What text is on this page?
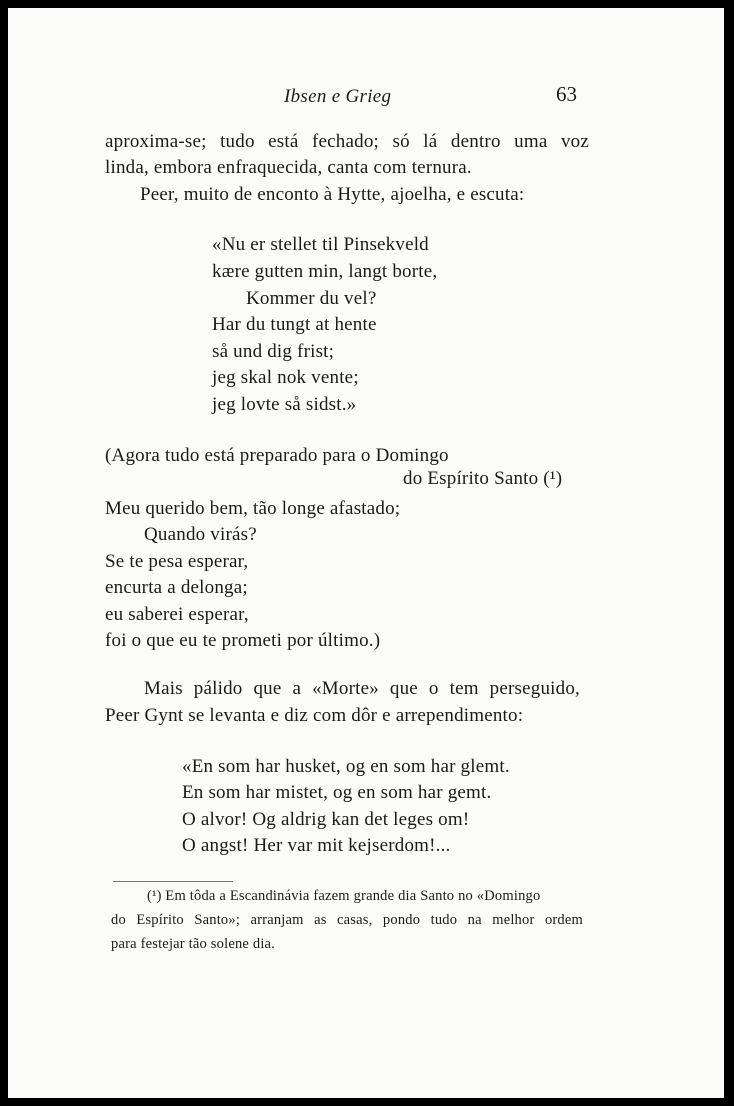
Ibsen e Grieg	63
aproxima-se; tudo está fechado; só lá dentro uma voz
linda, embora enfraquecida, canta com ternura.
Peer, muito de enconto à Hytte, ajoelha, e escuta:
«Nu er stellet til Pinsekveld
kære gutten min, langt borte,
Kommer du vel?
Har du tungt at hente
så und dig frist;
jeg skal nok vente;
jeg lovte så sidst.»
(Agora tudo está preparado para o Domingo
do Espírito Santo (¹)
Meu querido bem, tão longe afastado;
Quando virás?
Se te pesa esperar,
encurta a delonga;
eu saberei esperar,
foi o que eu te prometi por último.)
Mais pálido que a «Morte» que o tem perseguido,
Peer Gynt se levanta e diz com dôr e arrependimento:
«En som har husket, og en som har glemt.
En som har mistet, og en som har gemt.
O alvor! Og aldrig kan det leges om!
O angst! Her var mit kejserdom!...
(¹) Em tôda a Escandinávia fazem grande dia Santo no «Domingo
do Espírito Santo»; arranjam as casas, pondo tudo na melhor ordem
para festejar tão solene dia.
